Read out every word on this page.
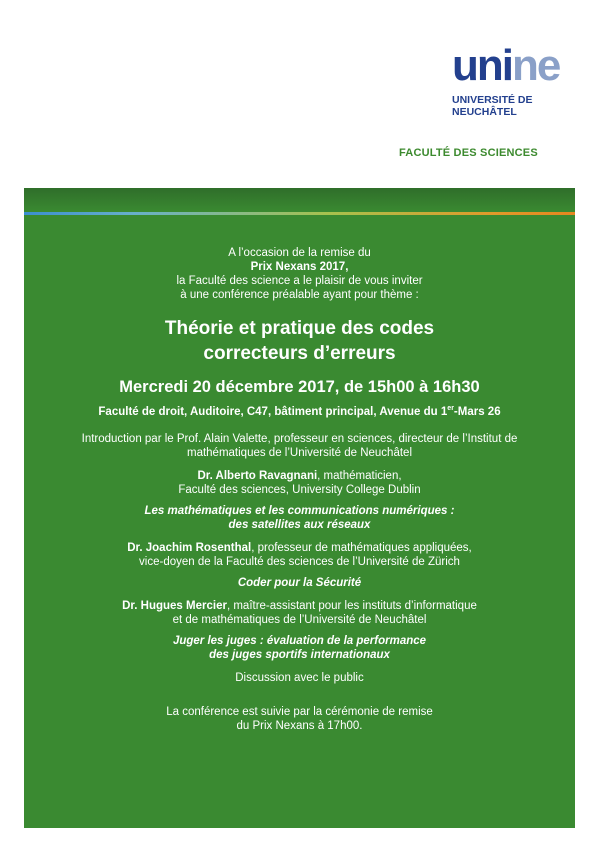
unine
UNIVERSITÉ DE
NEUCHÂTEL
FACULTÉ DES SCIENCES

A l’occasion de la remise du

Prix Nexans 2017,

la Faculté des science a le plaisir de vous inviter

à une conférence préalable ayant pour thème :

Théorie et pratique des codes
correcteurs d’erreurs
Mercredi 20 décembre 2017, de 15h00 à 16h30
Faculté de droit, Auditoire, C47, bâtiment principal, Avenue du 1er-Mars 26

Introduction par le Prof. Alain Valette, professeur en sciences, directeur de l’Institut de

mathématiques de l’Université de Neuchâtel

Dr. Alberto Ravagnani, mathématicien,

Faculté des sciences, University College Dublin

Les mathématiques et les communications numériques :

des satellites aux réseaux

Dr. Joachim Rosenthal, professeur de mathématiques appliquées,

vice-doyen de la Faculté des sciences de l’Université de Zürich

Coder pour la Sécurité

Dr. Hugues Mercier, maître-assistant pour les instituts d’informatique

et de mathématiques de l’Université de Neuchâtel

Juger les juges : évaluation de la performance

des juges sportifs internationaux

Discussion avec le public

La conférence est suivie par la cérémonie de remise

du Prix Nexans à 17h00.
